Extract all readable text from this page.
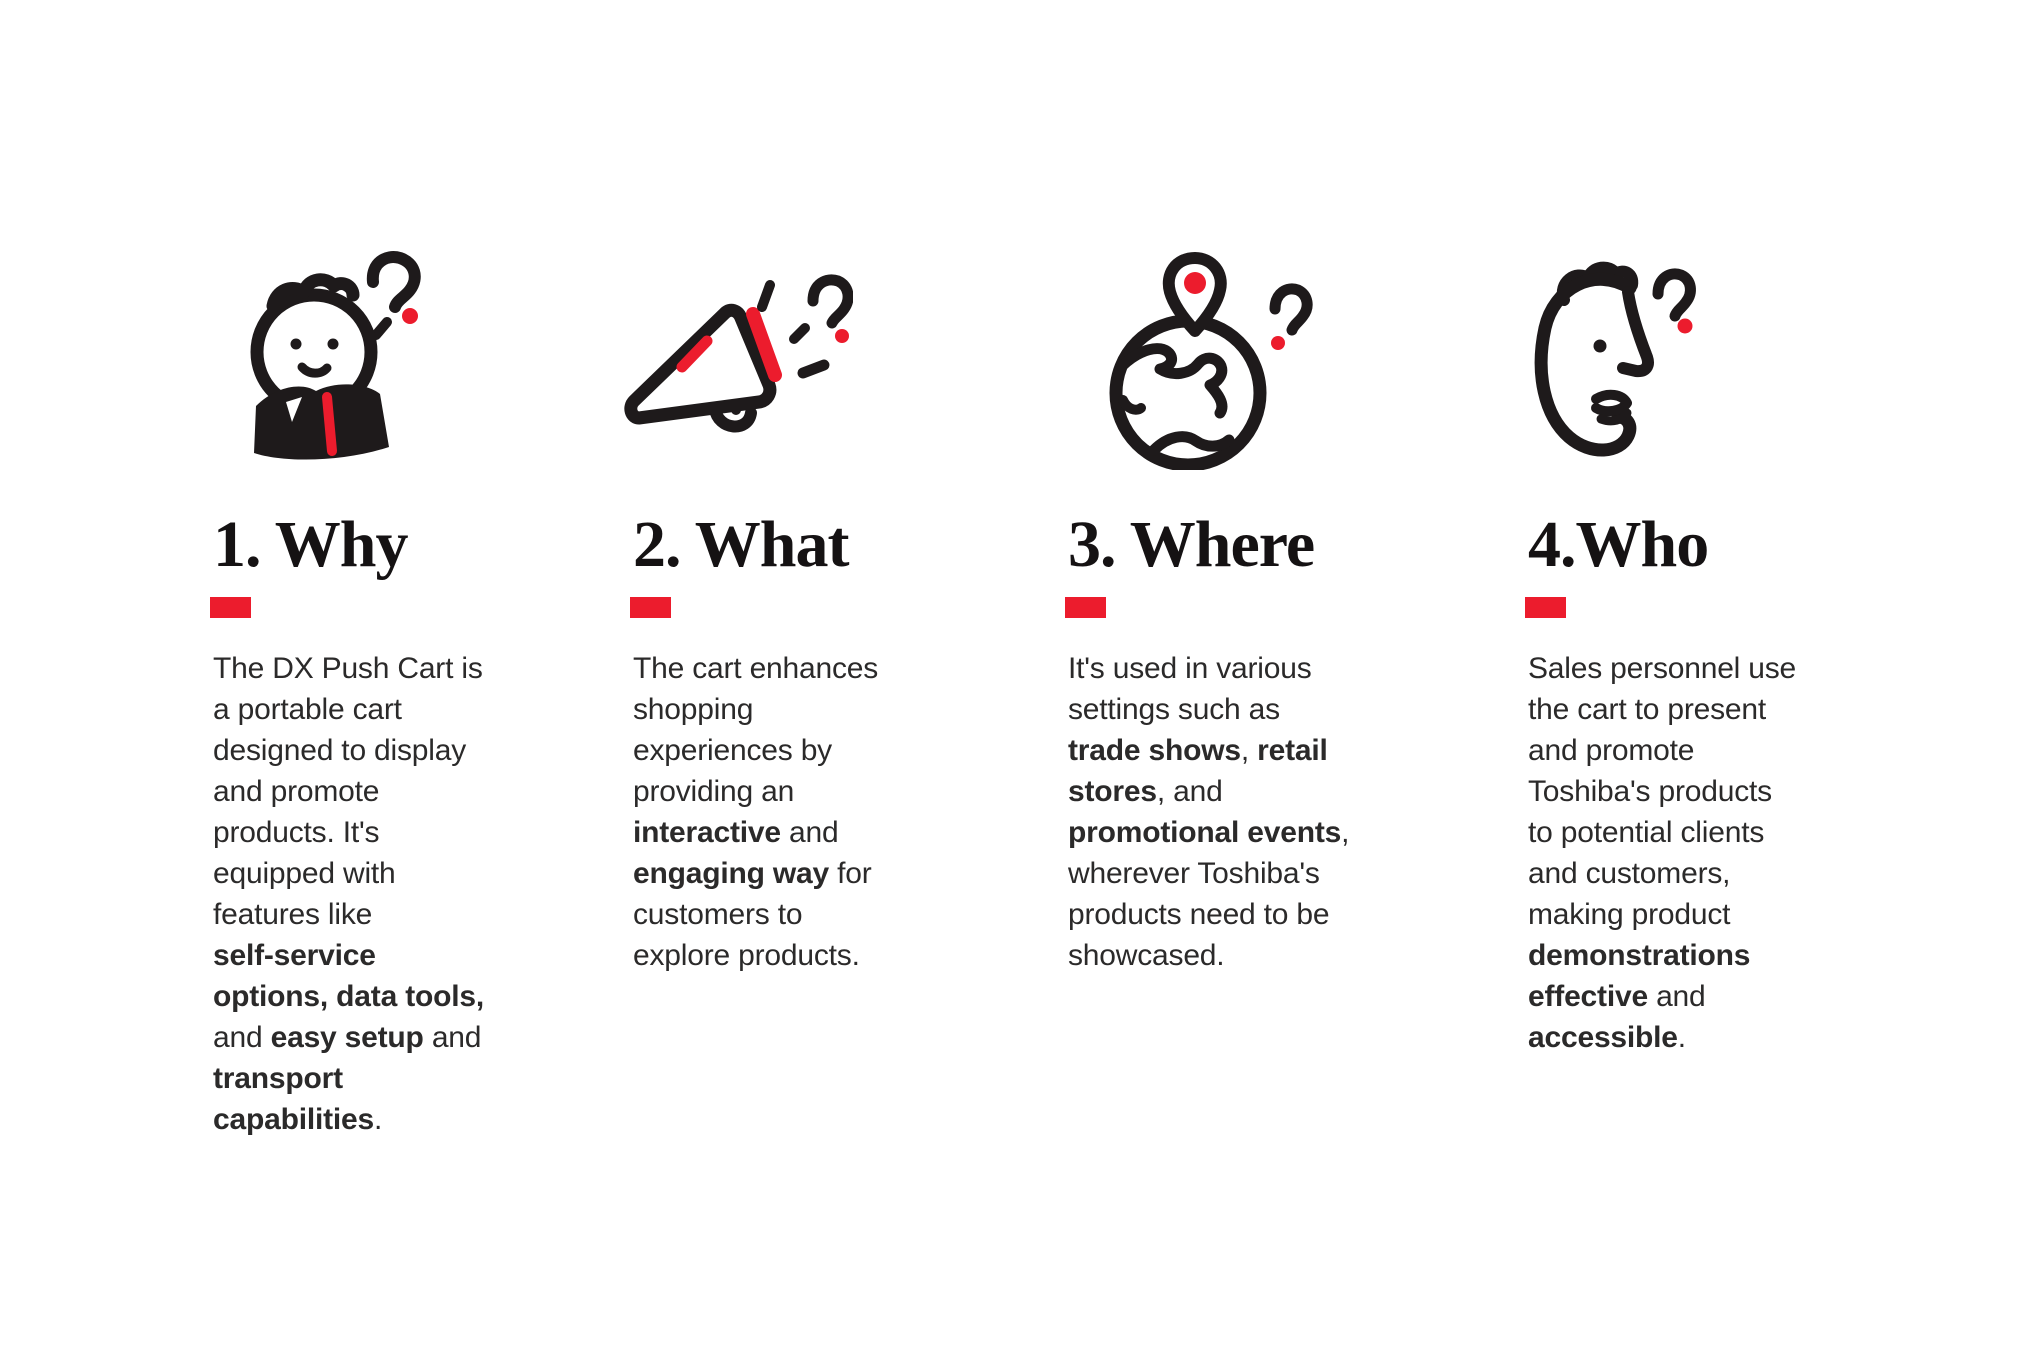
1. Why
The DX Push Cart is
a portable cart
designed to display
and promote
products. It's
equipped with
features like
self-service
options, data tools,
and easy setup and
transport
capabilities.
2. What
The cart enhances
shopping
experiences by
providing an
interactive and
engaging way for
customers to
explore products.
3. Where
It's used in various
settings such as
trade shows, retail
stores, and
promotional events,
wherever Toshiba's
products need to be
showcased.
4.Who
Sales personnel use
the cart to present
and promote
Toshiba's products
to potential clients
and customers,
making product
demonstrations
effective and
accessible.
